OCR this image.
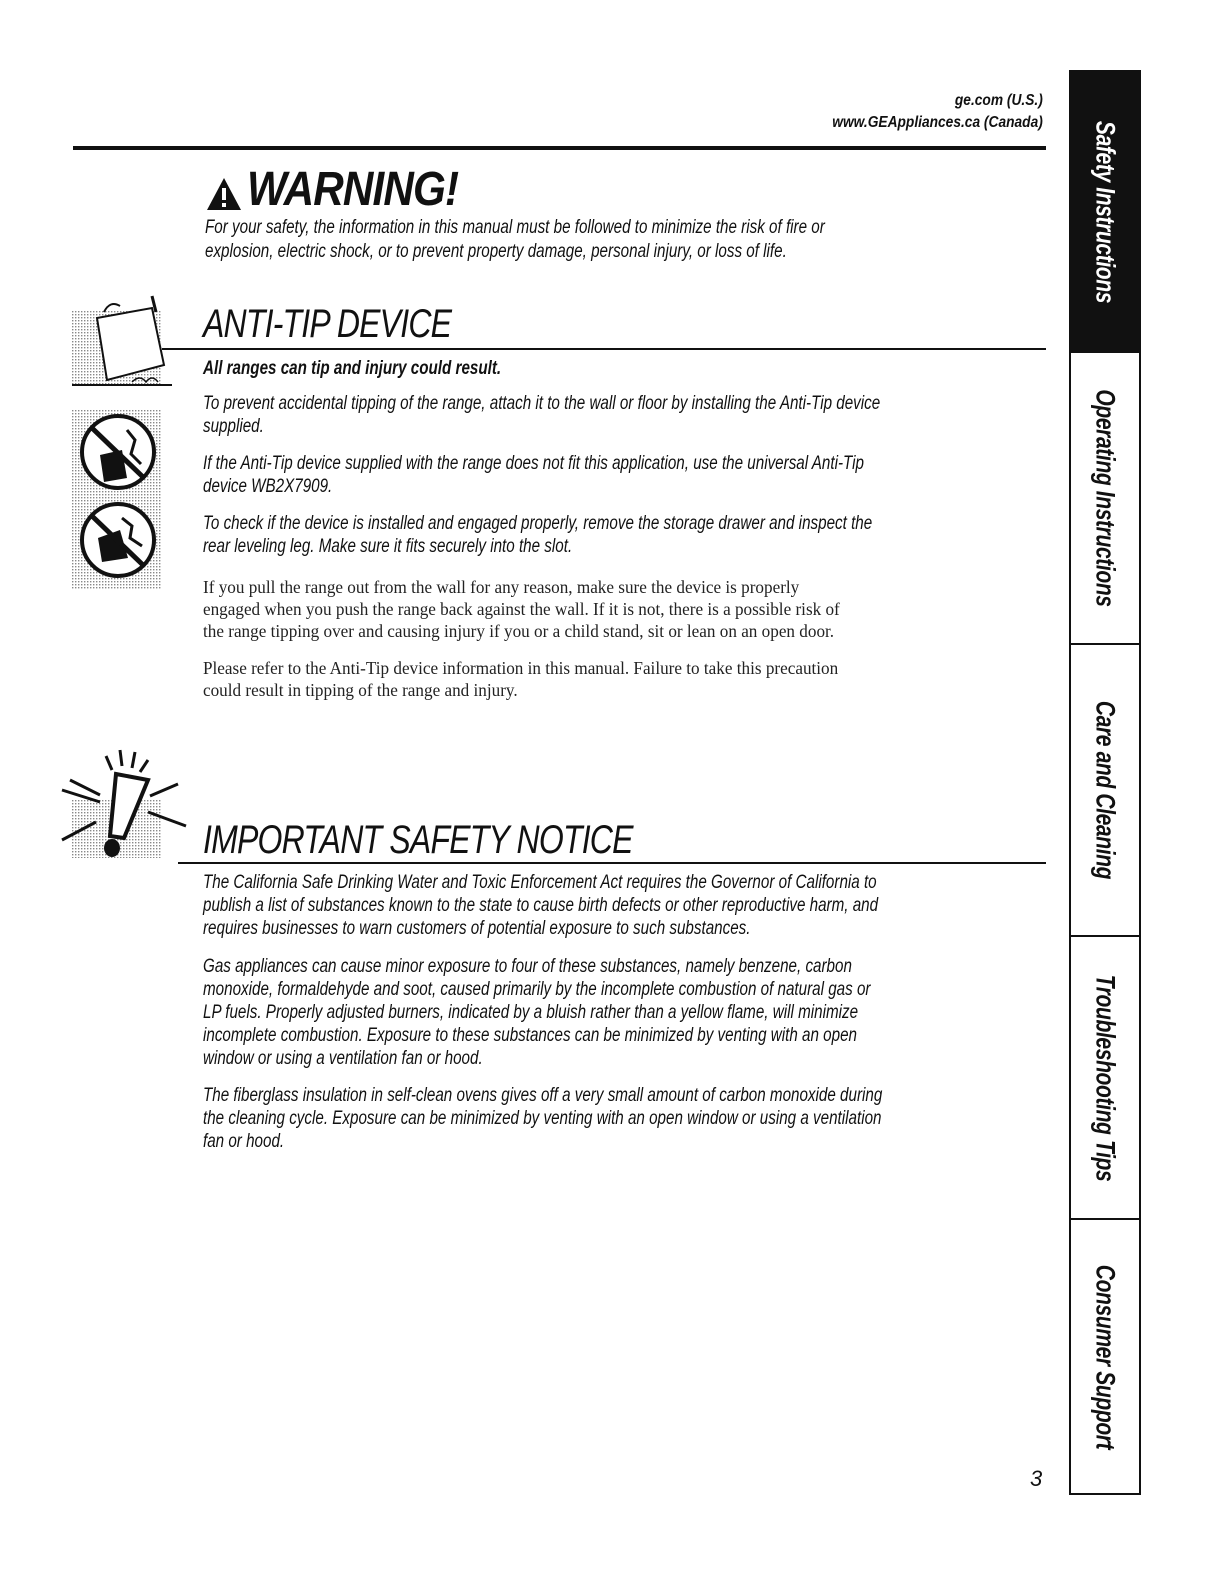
ge.com (U.S.)
www.GEAppliances.ca (Canada)
WARNING!
For your safety, the information in this manual must be followed to minimize the risk of fire or
explosion, electric shock, or to prevent property damage, personal injury, or loss of life.
ANTI-TIP DEVICE
All ranges can tip and injury could result.
To prevent accidental tipping of the range, attach it to the wall or floor by installing the Anti-Tip device
supplied.
If the Anti-Tip device supplied with the range does not fit this application, use the universal Anti-Tip
device WB2X7909.
To check if the device is installed and engaged properly, remove the storage drawer and inspect the
rear leveling leg. Make sure it fits securely into the slot.
If you pull the range out from the wall for any reason, make sure the device is properly
engaged when you push the range back against the wall. If it is not, there is a possible risk of
the range tipping over and causing injury if you or a child stand, sit or lean on an open door.
Please refer to the Anti-Tip device information in this manual. Failure to take this precaution
could result in tipping of the range and injury.
IMPORTANT SAFETY NOTICE
The California Safe Drinking Water and Toxic Enforcement Act requires the Governor of California to
publish a list of substances known to the state to cause birth defects or other reproductive harm, and
requires businesses to warn customers of potential exposure to such substances.
Gas appliances can cause minor exposure to four of these substances, namely benzene, carbon
monoxide, formaldehyde and soot, caused primarily by the incomplete combustion of natural gas or
LP fuels. Properly adjusted burners, indicated by a bluish rather than a yellow flame, will minimize
incomplete combustion. Exposure to these substances can be minimized by venting with an open
window or using a ventilation fan or hood.
The fiberglass insulation in self-clean ovens gives off a very small amount of carbon monoxide during
the cleaning cycle. Exposure can be minimized by venting with an open window or using a ventilation
fan or hood.
Safety Instructions
Operating Instructions
Care and Cleaning
Troubleshooting Tips
Consumer Support
3
